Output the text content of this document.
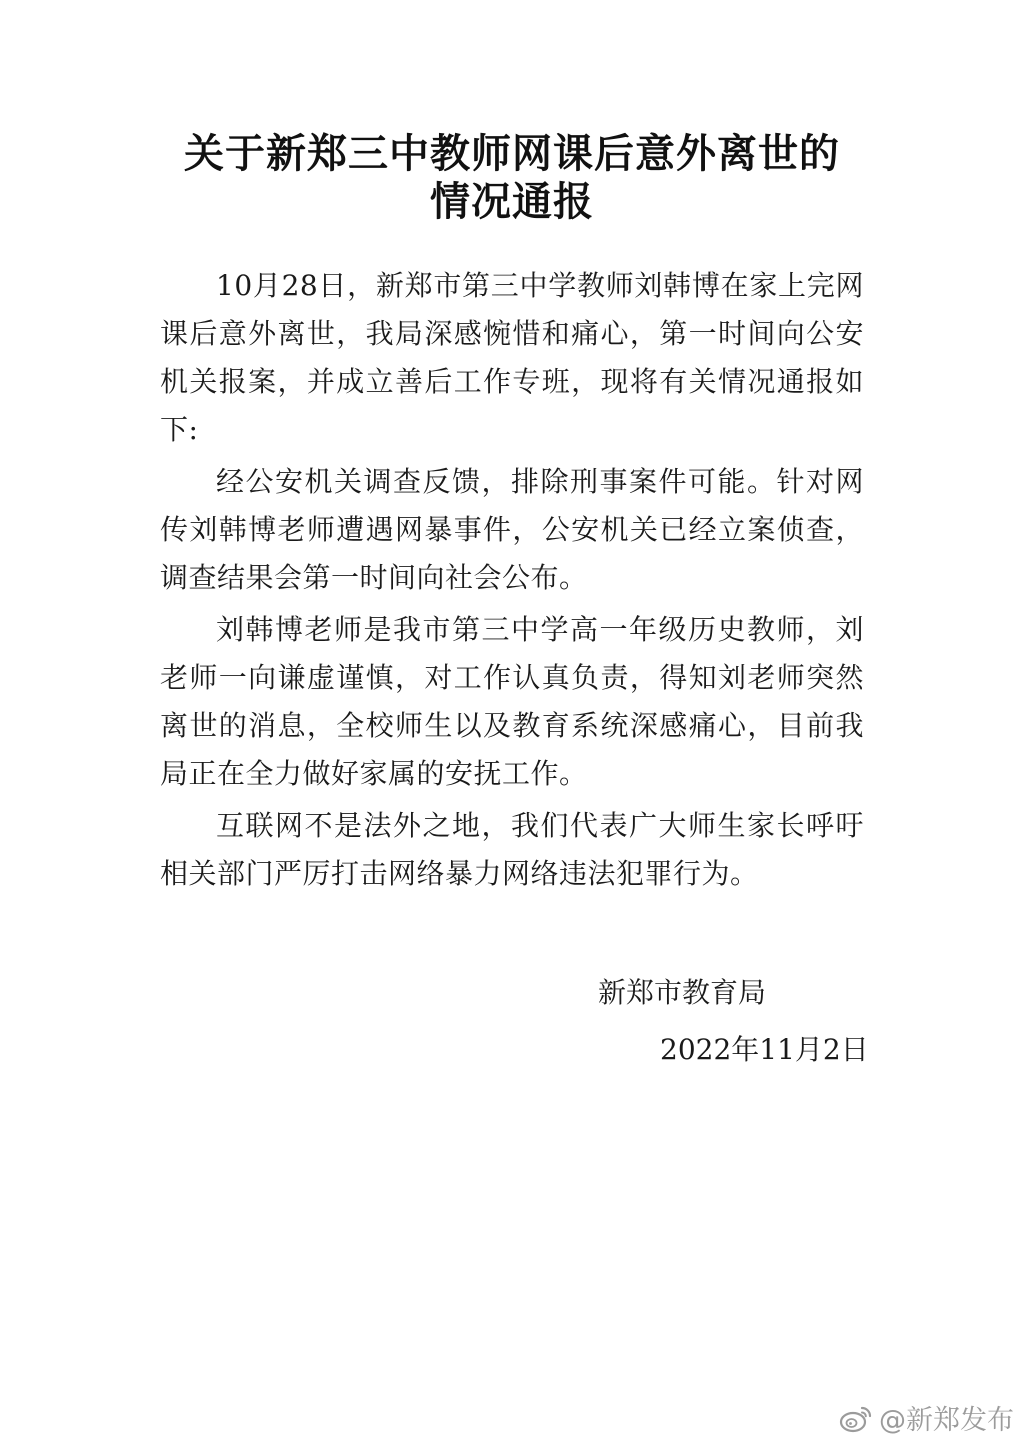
关于新郑三中教师网课后意外离世的
情况通报

10月28日，新郑市第三中学教师刘韩博在家上完网课后意外离世，我局深感惋惜和痛心，第一时间向公安机关报案，并成立善后工作专班，现将有关情况通报如下:

经公安机关调查反馈，排除刑事案件可能。针对网传刘韩博老师遭遇网暴事件，公安机关已经立案侦查，调查结果会第一时间向社会公布。

刘韩博老师是我市第三中学高一年级历史教师，刘老师一向谦虚谨慎，对工作认真负责，得知刘老师突然离世的消息，全校师生以及教育系统深感痛心，目前我局正在全力做好家属的安抚工作。

互联网不是法外之地，我们代表广大师生家长呼吁相关部门严厉打击网络暴力网络违法犯罪行为。

新郑市教育局
2022年11月2日
@新郑发布
